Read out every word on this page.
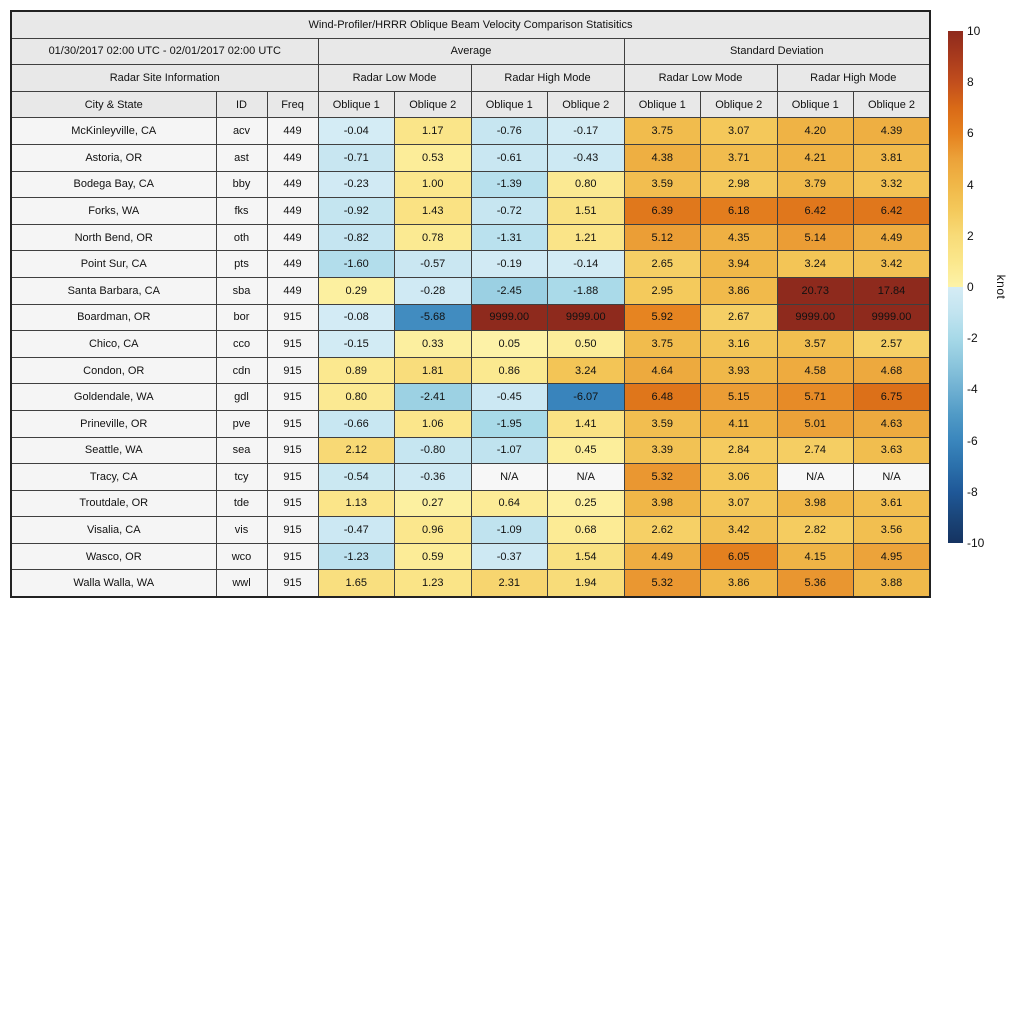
Wind-Profiler/HRRR Oblique Beam Velocity Comparison Statisitics										
01/30/2017 02:00 UTC - 02/01/2017 02:00 UTC			Average				Standard Deviation			
Radar Site Information			Radar Low Mode		Radar High Mode		Radar Low Mode		Radar High Mode	
City & State	ID	Freq	Oblique 1	Oblique 2	Oblique 1	Oblique 2	Oblique 1	Oblique 2	Oblique 1	Oblique 2
McKinleyville, CA	acv	449	-0.04	1.17	-0.76	-0.17	3.75	3.07	4.20	4.39
Astoria, OR	ast	449	-0.71	0.53	-0.61	-0.43	4.38	3.71	4.21	3.81
Bodega Bay, CA	bby	449	-0.23	1.00	-1.39	0.80	3.59	2.98	3.79	3.32
Forks, WA	fks	449	-0.92	1.43	-0.72	1.51	6.39	6.18	6.42	6.42
North Bend, OR	oth	449	-0.82	0.78	-1.31	1.21	5.12	4.35	5.14	4.49
Point Sur, CA	pts	449	-1.60	-0.57	-0.19	-0.14	2.65	3.94	3.24	3.42
Santa Barbara, CA	sba	449	0.29	-0.28	-2.45	-1.88	2.95	3.86	20.73	17.84
Boardman, OR	bor	915	-0.08	-5.68	9999.00	9999.00	5.92	2.67	9999.00	9999.00
Chico, CA	cco	915	-0.15	0.33	0.05	0.50	3.75	3.16	3.57	2.57
Condon, OR	cdn	915	0.89	1.81	0.86	3.24	4.64	3.93	4.58	4.68
Goldendale, WA	gdl	915	0.80	-2.41	-0.45	-6.07	6.48	5.15	5.71	6.75
Prineville, OR	pve	915	-0.66	1.06	-1.95	1.41	3.59	4.11	5.01	4.63
Seattle, WA	sea	915	2.12	-0.80	-1.07	0.45	3.39	2.84	2.74	3.63
Tracy, CA	tcy	915	-0.54	-0.36	N/A	N/A	5.32	3.06	N/A	N/A
Troutdale, OR	tde	915	1.13	0.27	0.64	0.25	3.98	3.07	3.98	3.61
Visalia, CA	vis	915	-0.47	0.96	-1.09	0.68	2.62	3.42	2.82	3.56
Wasco, OR	wco	915	-1.23	0.59	-0.37	1.54	4.49	6.05	4.15	4.95
Walla Walla, WA	wwl	915	1.65	1.23	2.31	1.94	5.32	3.86	5.36	3.88
10
8
6
4
2
0
-2
-4
-6
-8
-10
knot
